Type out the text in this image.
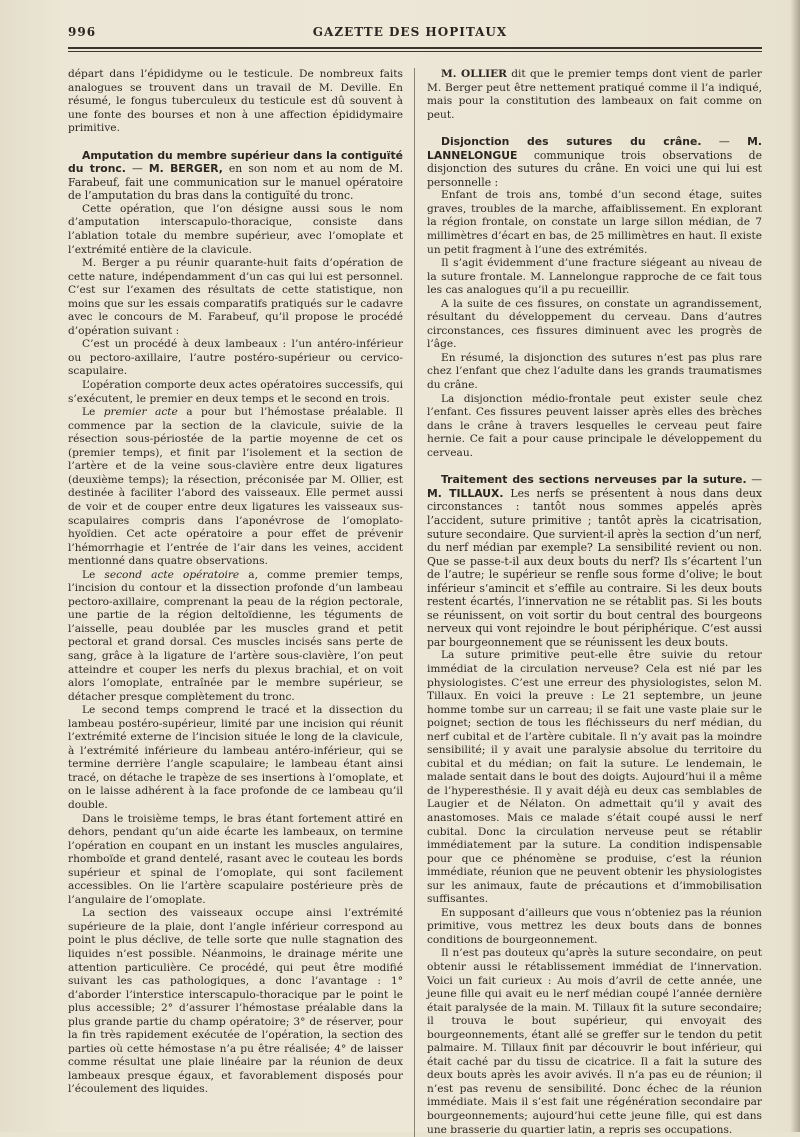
996	GAZETTE DES HOPITAUX

départ dans l’épididyme ou le testicule. De nombreux faits analogues se trouvent dans un travail de M. Deville. En résumé, le fongus tuberculeux du testicule est dû souvent à une fonte des bourses et non à une affection épididymaire primitive.

Amputation du membre supérieur dans la contiguïté du tronc. — M. BERGER, en son nom et au nom de M. Farabeuf, fait une communication sur le manuel opératoire de l’amputation du bras dans la contiguïté du tronc.

Cette opération, que l’on désigne aussi sous le nom d’amputation interscapulo-thoracique, consiste dans l’ablation totale du membre supérieur, avec l’omoplate et l’extrémité entière de la clavicule.

M. Berger a pu réunir quarante-huit faits d’opération de cette nature, indépendamment d’un cas qui lui est personnel. C’est sur l’examen des résultats de cette statistique, non moins que sur les essais comparatifs pratiqués sur le cadavre avec le concours de M. Farabeuf, qu’il propose le procédé d’opération suivant :

C’est un procédé à deux lambeaux : l’un antéro-inférieur ou pectoro-axillaire, l’autre postéro-supérieur ou cervico-scapulaire.

L’opération comporte deux actes opératoires successifs, qui s’exécutent, le premier en deux temps et le second en trois.

Le premier acte a pour but l’hémostase préalable. Il commence par la section de la clavicule, suivie de la résection sous-périostée de la partie moyenne de cet os (premier temps), et finit par l’isolement et la section de l’artère et de la veine sous-clavière entre deux ligatures (deuxième temps); la résection, préconisée par M. Ollier, est destinée à faciliter l’abord des vaisseaux. Elle permet aussi de voir et de couper entre deux ligatures les vaisseaux sus-scapulaires compris dans l’aponévrose de l’omoplato-hyoïdien. Cet acte opératoire a pour effet de prévenir l’hémorrhagie et l’entrée de l’air dans les veines, accident mentionné dans quatre observations.

Le second acte opératoire a, comme premier temps, l’incision du contour et la dissection profonde d’un lambeau pectoro-axillaire, comprenant la peau de la région pectorale, une partie de la région deltoïdienne, les téguments de l’aisselle, peau doublée par les muscles grand et petit pectoral et grand dorsal. Ces muscles incisés sans perte de sang, grâce à la ligature de l’artère sous-clavière, l’on peut atteindre et couper les nerfs du plexus brachial, et on voit alors l’omoplate, entraînée par le membre supérieur, se détacher presque complètement du tronc.

Le second temps comprend le tracé et la dissection du lambeau postéro-supérieur, limité par une incision qui réunit l’extrémité externe de l’incision située le long de la clavicule, à l’extrémité inférieure du lambeau antéro-inférieur, qui se termine derrière l’angle scapulaire; le lambeau étant ainsi tracé, on détache le trapèze de ses insertions à l’omoplate, et on le laisse adhérent à la face profonde de ce lambeau qu’il double.

Dans le troisième temps, le bras étant fortement attiré en dehors, pendant qu’un aide écarte les lambeaux, on termine l’opération en coupant en un instant les muscles angulaires, rhomboïde et grand dentelé, rasant avec le couteau les bords supérieur et spinal de l’omoplate, qui sont facilement accessibles. On lie l’artère scapulaire postérieure près de l’angulaire de l’omoplate.

La section des vaisseaux occupe ainsi l’extrémité supérieure de la plaie, dont l’angle inférieur correspond au point le plus déclive, de telle sorte que nulle stagnation des liquides n’est possible. Néanmoins, le drainage mérite une attention particulière. Ce procédé, qui peut être modifié suivant les cas pathologiques, a donc l’avantage : 1° d’aborder l’interstice interscapulo-thoracique par le point le plus accessible; 2° d’assurer l’hémostase préalable dans la plus grande partie du champ opératoire; 3° de réserver, pour la fin très rapidement exécutée de l’opération, la section des parties où cette hémostase n’a pu être réalisée; 4° de laisser comme résultat une plaie linéaire par la réunion de deux lambeaux presque égaux, et favorablement disposés pour l’écoulement des liquides.

M. OLLIER dit que le premier temps dont vient de parler M. Berger peut être nettement pratiqué comme il l’a indiqué, mais pour la constitution des lambeaux on fait comme on peut.

Disjonction des sutures du crâne. — M. LANNELONGUE communique trois observations de disjonction des sutures du crâne. En voici une qui lui est personnelle :

Enfant de trois ans, tombé d’un second étage, suites graves, troubles de la marche, affaiblissement. En explorant la région frontale, on constate un large sillon médian, de 7 millimètres d’écart en bas, de 25 millimètres en haut. Il existe un petit fragment à l’une des extrémités.

Il s’agit évidemment d’une fracture siégeant au niveau de la suture frontale. M. Lannelongue rapproche de ce fait tous les cas analogues qu’il a pu recueillir.

A la suite de ces fissures, on constate un agrandissement, résultant du développement du cerveau. Dans d’autres circonstances, ces fissures diminuent avec les progrès de l’âge.

En résumé, la disjonction des sutures n’est pas plus rare chez l’enfant que chez l’adulte dans les grands traumatismes du crâne.

La disjonction médio-frontale peut exister seule chez l’enfant. Ces fissures peuvent laisser après elles des brèches dans le crâne à travers lesquelles le cerveau peut faire hernie. Ce fait a pour cause principale le développement du cerveau.

Traitement des sections nerveuses par la suture. — M. TILLAUX. Les nerfs se présentent à nous dans deux circonstances : tantôt nous sommes appelés après l’accident, suture primitive ; tantôt après la cicatrisation, suture secondaire. Que survient-il après la section d’un nerf, du nerf médian par exemple? La sensibilité revient ou non. Que se passe-t-il aux deux bouts du nerf? Ils s’écartent l’un de l’autre; le supérieur se renfle sous forme d’olive; le bout inférieur s’amincit et s’effile au contraire. Si les deux bouts restent écartés, l’innervation ne se rétablit pas. Si les bouts se réunissent, on voit sortir du bout central des bourgeons nerveux qui vont rejoindre le bout périphérique. C’est aussi par bourgeonnement que se réunissent les deux bouts.

La suture primitive peut-elle être suivie du retour immédiat de la circulation nerveuse? Cela est nié par les physiologistes. C’est une erreur des physiologistes, selon M. Tillaux. En voici la preuve : Le 21 septembre, un jeune homme tombe sur un carreau; il se fait une vaste plaie sur le poignet; section de tous les fléchisseurs du nerf médian, du nerf cubital et de l’artère cubitale. Il n’y avait pas la moindre sensibilité; il y avait une paralysie absolue du territoire du cubital et du médian; on fait la suture. Le lendemain, le malade sentait dans le bout des doigts. Aujourd’hui il a même de l’hyperesthésie. Il y avait déjà eu deux cas semblables de Laugier et de Nélaton. On admettait qu’il y avait des anastomoses. Mais ce malade s’était coupé aussi le nerf cubital. Donc la circulation nerveuse peut se rétablir immédiatement par la suture. La condition indispensable pour que ce phénomène se produise, c’est la réunion immédiate, réunion que ne peuvent obtenir les physiologistes sur les animaux, faute de précautions et d’immobilisation suffisantes.

En supposant d’ailleurs que vous n’obteniez pas la réunion primitive, vous mettrez les deux bouts dans de bonnes conditions de bourgeonnement.

Il n’est pas douteux qu’après la suture secondaire, on peut obtenir aussi le rétablissement immédiat de l’innervation. Voici un fait curieux : Au mois d’avril de cette année, une jeune fille qui avait eu le nerf médian coupé l’année dernière était paralysée de la main. M. Tillaux fit la suture secondaire; il trouva le bout supérieur, qui envoyait des bourgeonnements, étant allé se greffer sur le tendon du petit palmaire. M. Tillaux finit par découvrir le bout inférieur, qui était caché par du tissu de cicatrice. Il a fait la suture des deux bouts après les avoir avivés. Il n’a pas eu de réunion; il n’est pas revenu de sensibilité. Donc échec de la réunion immédiate. Mais il s’est fait une régénération secondaire par bourgeonnements; aujourd’hui cette jeune fille, qui est dans une brasserie du quartier latin, a repris ses occupations.
